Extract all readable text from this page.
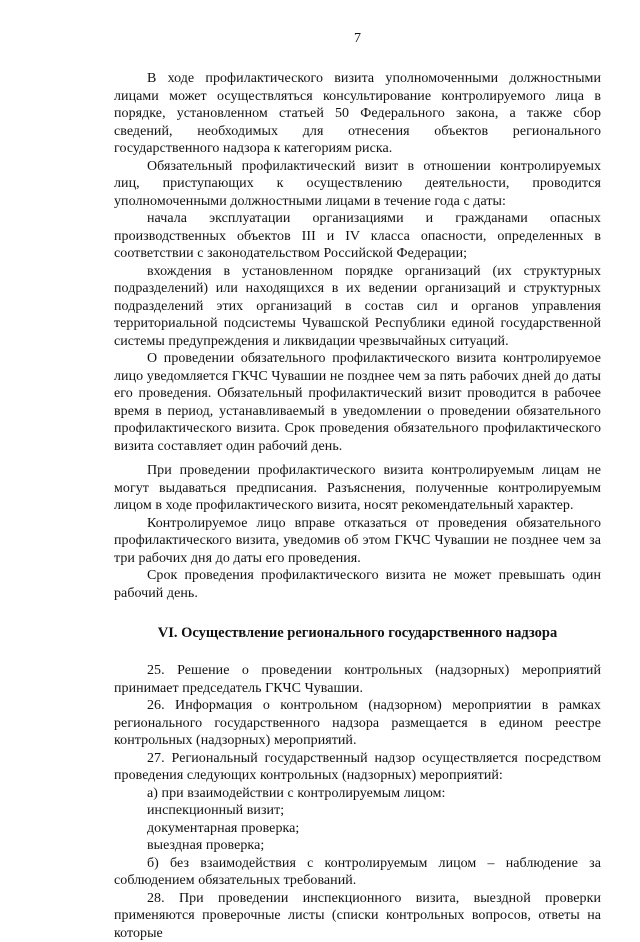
7

В ходе профилактического визита уполномоченными должностными лицами может осуществляться консультирование контролируемого лица в порядке, установленном статьей 50 Федерального закона, а также сбор сведений, необходимых для отнесения объектов регионального государственного надзора к категориям риска.

Обязательный профилактический визит в отношении контролируемых лиц, приступающих к осуществлению деятельности, проводится уполномоченными должностными лицами в течение года с даты:

начала эксплуатации организациями и гражданами опасных производственных объектов III и IV класса опасности, определенных в соответствии с законодательством Российской Федерации;

вхождения в установленном порядке организаций (их структурных подразделений) или находящихся в их ведении организаций и структурных подразделений этих организаций в состав сил и органов управления территориальной подсистемы Чувашской Республики единой государственной системы предупреждения и ликвидации чрезвычайных ситуаций.

О проведении обязательного профилактического визита контролируемое лицо уведомляется ГКЧС Чувашии не позднее чем за пять рабочих дней до даты его проведения. Обязательный профилактический визит проводится в рабочее время в период, устанавливаемый в уведомлении о проведении обязательного профилактического визита. Срок проведения обязательного профилактического визита составляет один рабочий день.

При проведении профилактического визита контролируемым лицам не могут выдаваться предписания. Разъяснения, полученные контролируемым лицом в ходе профилактического визита, носят рекомендательный характер.

Контролируемое лицо вправе отказаться от проведения обязательного профилактического визита, уведомив об этом ГКЧС Чувашии не позднее чем за три рабочих дня до даты его проведения.

Срок проведения профилактического визита не может превышать один рабочий день.

VI. Осуществление регионального государственного надзора

25. Решение о проведении контрольных (надзорных) мероприятий принимает председатель ГКЧС Чувашии.

26. Информация о контрольном (надзорном) мероприятии в рамках регионального государственного надзора размещается в едином реестре контрольных (надзорных) мероприятий.

27. Региональный государственный надзор осуществляется посредством проведения следующих контрольных (надзорных) мероприятий:

а) при взаимодействии с контролируемым лицом:

инспекционный визит;

документарная проверка;

выездная проверка;

б) без взаимодействия с контролируемым лицом – наблюдение за соблюдением обязательных требований.

28. При проведении инспекционного визита, выездной проверки применяются проверочные листы (списки контрольных вопросов, ответы на которые
